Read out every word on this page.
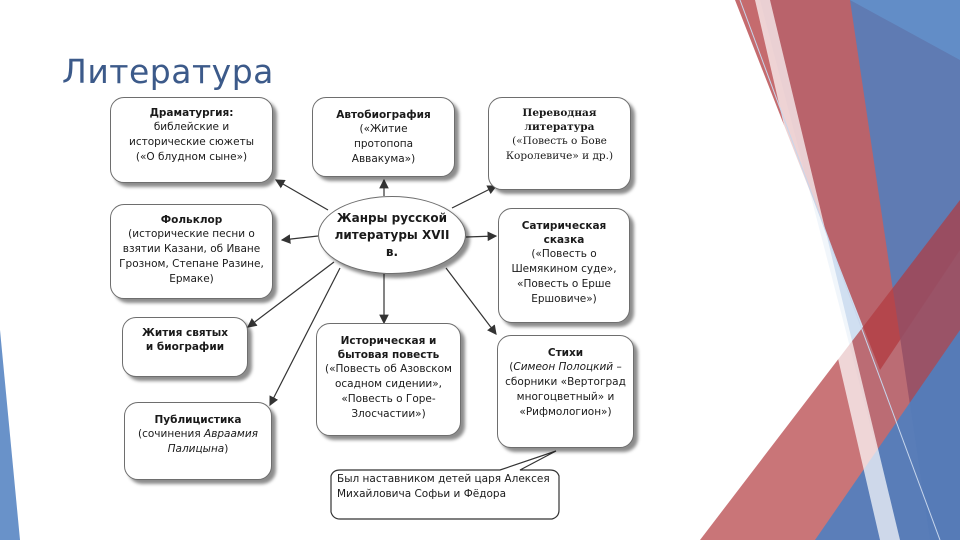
Литература
Драматургия:
библейские и исторические сюжеты («О блудном сыне»)
Автобиография
(«Житие протопопа Аввакума»)
Переводная литература
(«Повесть о Бове Королевиче» и др.)
Фольклор
(исторические песни о взятии Казани, об Иване Грозном, Степане Разине, Ермаке)
Жанры русской литературы XVII в.
Сатирическая сказка
(«Повесть о Шемякином суде», «Повесть о Ерше Ершовиче»)
Жития святых и биографии	Историческая и бытовая повесть
(«Повесть об Азовском осадном сидении», «Повесть о Горе-Злосчастии»)
Стихи
(Симеон Полоцкий – сборники «Вертоград многоцветный» и «Рифмологион»)
Публицистика
(сочинения Авраамия Палицына)
Был наставником детей царя Алексея Михайловича Софьи и Фёдора
